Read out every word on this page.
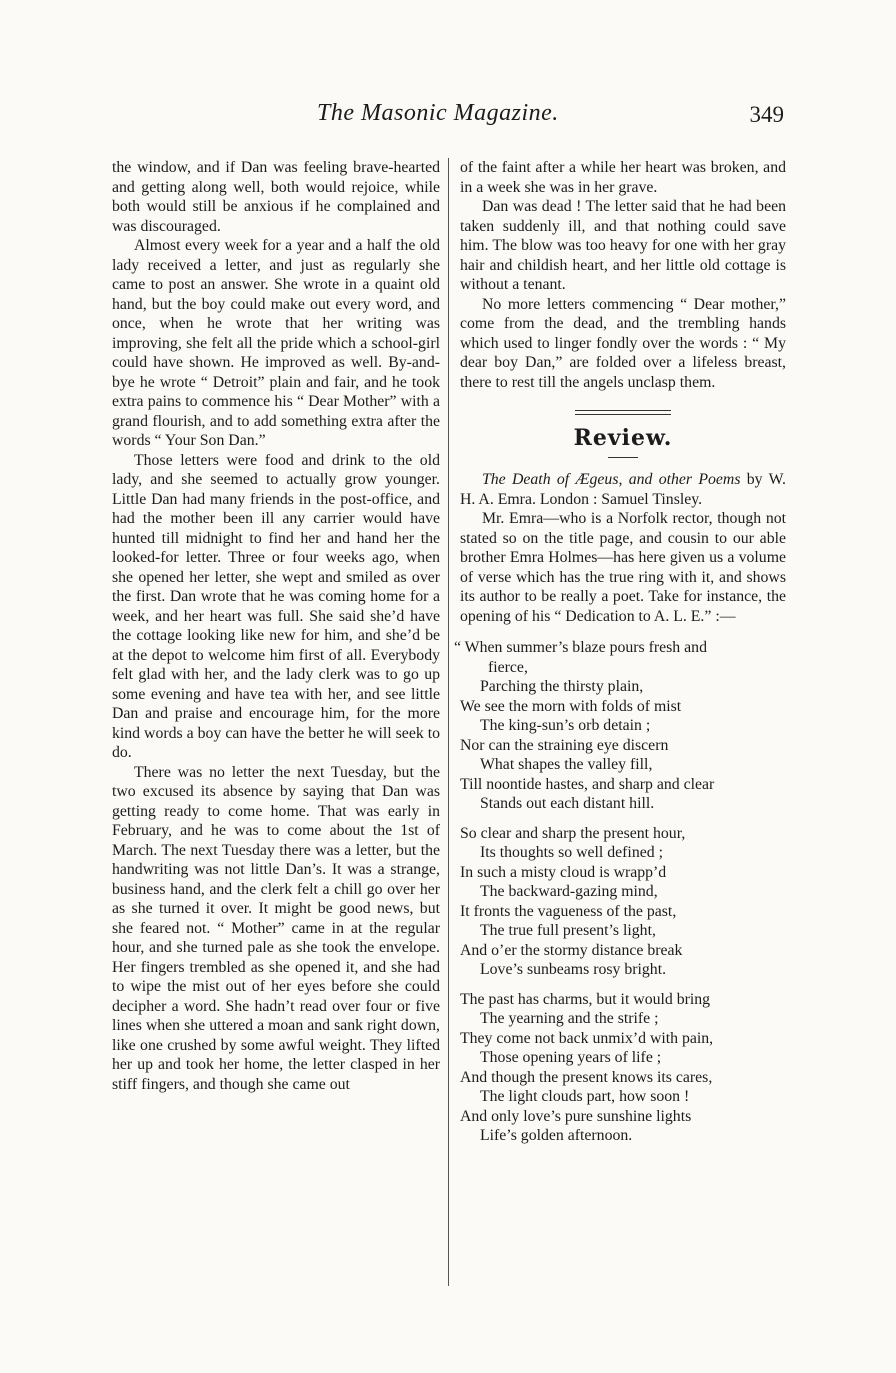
The Masonic Magazine.	349

the window, and if Dan was feeling brave-hearted and getting along well, both would rejoice, while both would still be anxious if he complained and was discouraged.

Almost every week for a year and a half the old lady received a letter, and just as regularly she came to post an answer. She wrote in a quaint old hand, but the boy could make out every word, and once, when he wrote that her writing was improving, she felt all the pride which a school-girl could have shown. He improved as well. By-and-bye he wrote “ Detroit” plain and fair, and he took extra pains to commence his “ Dear Mother” with a grand flourish, and to add something extra after the words “ Your Son Dan.”

Those letters were food and drink to the old lady, and she seemed to actually grow younger. Little Dan had many friends in the post-office, and had the mother been ill any carrier would have hunted till midnight to find her and hand her the looked-for letter. Three or four weeks ago, when she opened her letter, she wept and smiled as over the first. Dan wrote that he was coming home for a week, and her heart was full. She said she’d have the cottage looking like new for him, and she’d be at the depot to welcome him first of all. Everybody felt glad with her, and the lady clerk was to go up some evening and have tea with her, and see little Dan and praise and encourage him, for the more kind words a boy can have the better he will seek to do.

There was no letter the next Tuesday, but the two excused its absence by saying that Dan was getting ready to come home. That was early in February, and he was to come about the 1st of March. The next Tuesday there was a letter, but the handwriting was not little Dan’s. It was a strange, business hand, and the clerk felt a chill go over her as she turned it over. It might be good news, but she feared not. “ Mother” came in at the regular hour, and she turned pale as she took the envelope. Her fingers trembled as she opened it, and she had to wipe the mist out of her eyes before she could decipher a word. She hadn’t read over four or five lines when she uttered a moan and sank right down, like one crushed by some awful weight. They lifted her up and took her home, the letter clasped in her stiff fingers, and though she came out

of the faint after a while her heart was broken, and in a week she was in her grave.

Dan was dead ! The letter said that he had been taken suddenly ill, and that nothing could save him. The blow was too heavy for one with her gray hair and childish heart, and her little old cottage is without a tenant.

No more letters commencing “ Dear mother,” come from the dead, and the trembling hands which used to linger fondly over the words : “ My dear boy Dan,” are folded over a lifeless breast, there to rest till the angels unclasp them.

Review.

The Death of Ægeus, and other Poems by W. H. A. Emra. London : Samuel Tinsley.

Mr. Emra—who is a Norfolk rector, though not stated so on the title page, and cousin to our able brother Emra Holmes—has here given us a volume of verse which has the true ring with it, and shows its author to be really a poet. Take for instance, the opening of his “ Dedication to A. L. E.” :—

“ When summer’s blaze pours fresh and

fierce,

Parching the thirsty plain,

We see the morn with folds of mist

The king-sun’s orb detain ;

Nor can the straining eye discern

What shapes the valley fill,

Till noontide hastes, and sharp and clear

Stands out each distant hill.

So clear and sharp the present hour,

Its thoughts so well defined ;

In such a misty cloud is wrapp’d

The backward-gazing mind,

It fronts the vagueness of the past,

The true full present’s light,

And o’er the stormy distance break

Love’s sunbeams rosy bright.

The past has charms, but it would bring

The yearning and the strife ;

They come not back unmix’d with pain,

Those opening years of life ;

And though the present knows its cares,

The light clouds part, how soon !

And only love’s pure sunshine lights

Life’s golden afternoon.
